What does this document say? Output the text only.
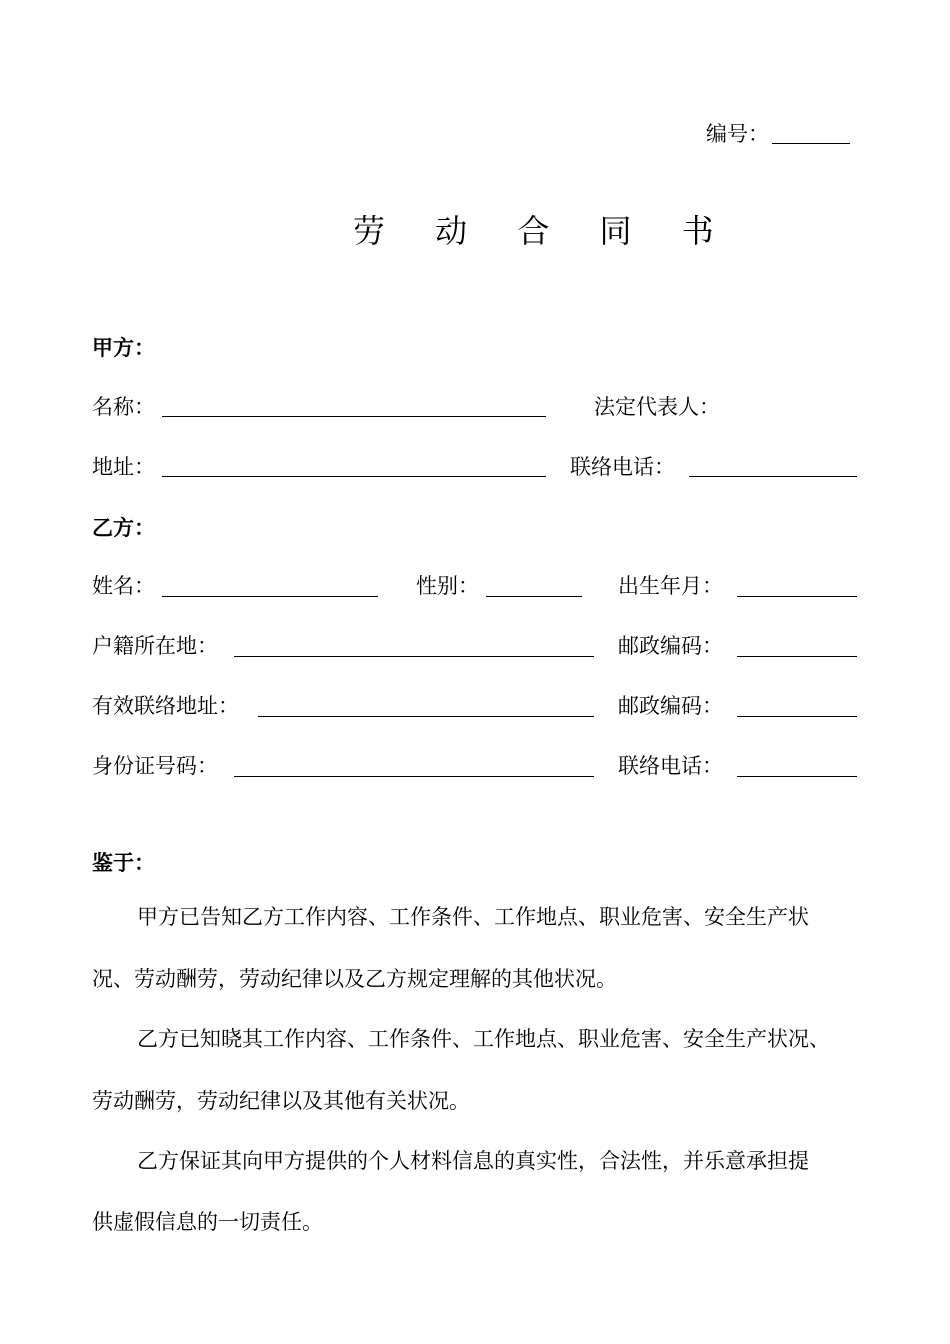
编号：
劳 动 合 同 书
甲方：
名称：	法定代表人：
地址：	联络电话：
乙方：
姓名：	性别：	出生年月：
户籍所在地：	邮政编码：
有效联络地址：	邮政编码：
身份证号码：	联络电话：
鉴于：
甲方已告知乙方工作内容、工作条件、工作地点、职业危害、安全生产状
况、劳动酬劳，劳动纪律以及乙方规定理解的其他状况。
乙方已知晓其工作内容、工作条件、工作地点、职业危害、安全生产状况、
劳动酬劳，劳动纪律以及其他有关状况。
乙方保证其向甲方提供的个人材料信息的真实性，合法性，并乐意承担提
供虚假信息的一切责任。
